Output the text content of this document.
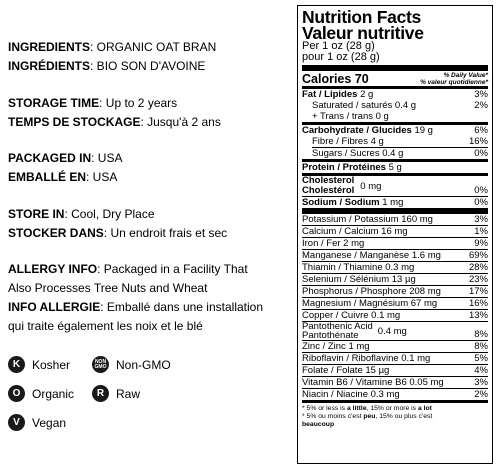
INGREDIENTS: ORGANIC OAT BRAN
INGRÉDIENTS: BIO SON D'AVOINE
STORAGE TIME: Up to 2 years
TEMPS DE STOCKAGE: Jusqu'à 2 ans
PACKAGED IN: USA
EMBALLÉ EN: USA
STORE IN: Cool, Dry Place
STOCKER DANS: Un endroit frais et sec
ALLERGY INFO: Packaged in a Facility That
Also Processes Tree Nuts and Wheat
INFO ALLERGIE: Emballé dans une installation
qui traite également les noix et le blé
K Kosher	NON GMO Non-GMO
O Organic	R Raw
V	Vegan
Nutrition Facts
Valeur nutritive
Per 1 oz (28 g)
pour 1 oz (28 g)
Calories 70	% Daily Value*
% valeur quotidienne*
Fat / Lipides 2 g	3%
Saturated / saturés 0.4 g	2%
+ Trans / trans 0 g
Carbohydrate / Glucides 19 g	6%
Fibre / Fibres 4 g	16%
Sugars / Sucres 0.4 g	0%
Protein / Protéines 5 g
Cholesterol
Cholestérol 0 mg	0%
Sodium / Sodium 1 mg	0%
Potassium / Potassium 160 mg	3%
Calcium / Calcium 16 mg	1%
Iron / Fer 2 mg	9%
Manganese / Manganèse 1.6 mg	69%
Thiamin / Thiamine 0.3 mg	28%
Selenium / Sélénium 13 µg	23%
Phosphorus / Phosphore 208 mg	17%
Magnesium / Magnésium 67 mg	16%
Copper / Cuivre 0.1 mg	13%
Pantothenic Acid
Pantothénate	0.4 mg	8%
Zinc / Zinc 1 mg	8%
Riboflavin / Riboflavine 0.1 mg	5%
Folate / Folate 15 µg	4%
Vitamin B6 / Vitamine B6 0.05 mg	3%
Niacin / Niacine 0.3 mg	2%
* 5% or less is a little, 15% or more is a lot
* 5% ou moins c'est peu, 15% ou plus c'est
beaucoup
